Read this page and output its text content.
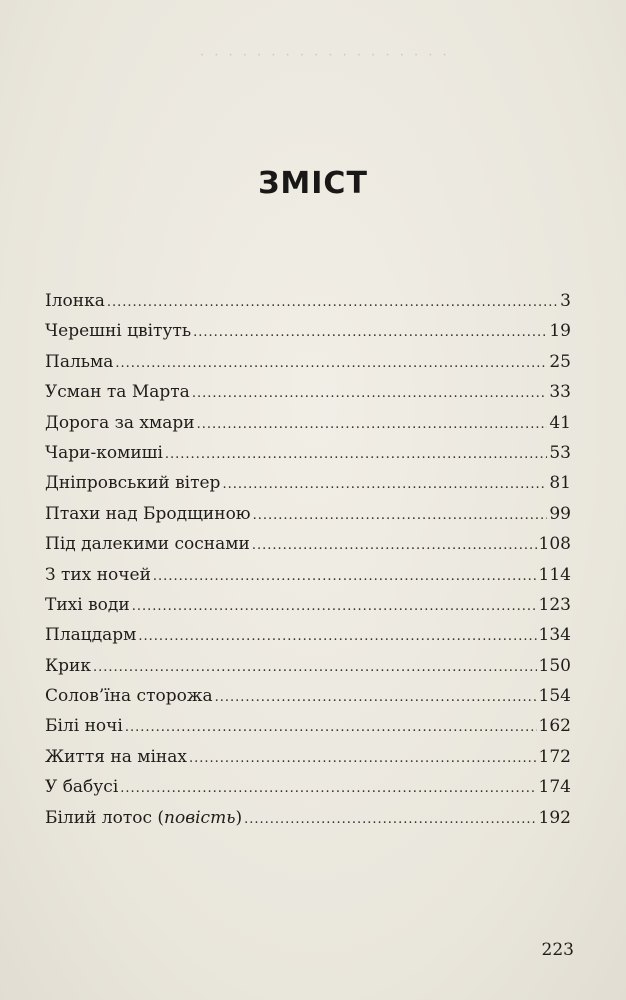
· · · · · · · · · · · · · · · · · ·
ЗМІСТ
Ілонка .....	3
Черешні цвітуть .....	19
Пальма .....	25
Усман та Марта .....	33
Дорога за хмари .....	41
Чари-комиші .....	53
Дніпровський вітер .....	81
Птахи над Бродщиною .....	99
Під далекими соснами .....	108
З тих ночей .....	114
Тихі води .....	123
Плацдарм .....	134
Крик .....	150
Солов’їна сторожа .....	154
Білі ночі .....	162
Життя на мінах .....	172
У бабусі .....	174
Білий лотос (повість) .....	192
223
